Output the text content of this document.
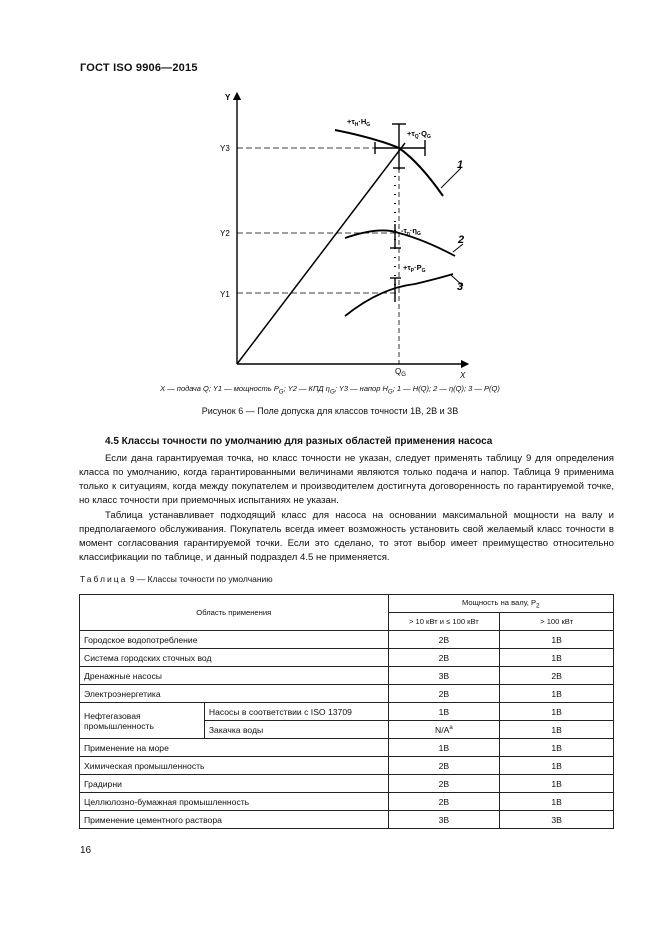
ГОСТ ISO 9906—2015
Y
X
Y3
Y2
Y1
$Q_G$
1
2
3
$+\tau_H\cdot H_G$
$+\tau_Q\cdot Q_G$
$-\tau_\eta\cdot\eta_G$
$+\tau_P\cdot P_G$
X — подача Q; Y1 — мощность $P_G$; Y2 — КПД $\eta_G$; Y3 — напор $H_G$; 1 — H(Q); 2 — η(Q); 3 — P(Q)
Рисунок 6 — Поле допуска для классов точности 1В, 2В и 3В
4.5 Классы точности по умолчанию для разных областей применения насоса

Если дана гарантируемая точка, но класс точности не указан, следует применять таблицу 9 для определения класса по умолчанию, когда гарантированными величинами являются только подача и напор. Таблица 9 применима только к ситуациям, когда между покупателем и производителем достигнута договоренность по гарантируемой точке, но класс точности при приемочных испытаниях не указан.

Таблица устанавливает подходящий класс для насоса на основании максимальной мощности на валу и предполагаемого обслуживания. Покупатель всегда имеет возможность установить свой желаемый класс точности в момент согласования гарантируемой точки. Если это сделано, то этот выбор имеет преимущество относительно классификации по таблице, и данный подраздел 4.5 не применяется.

Таблица 9 — Классы точности по умолчанию
Область применения		Мощность на валу, $P_2$
		> 10 кВт и ≤ 100 кВт	> 100 кВт
Городское водопотребление		2В	1В
Система городских сточных вод		2В	1В
Дренажные насосы		3В	2В
Электроэнергетика		2В	1В
Нефтегазовая промышленность	Насосы в соответствии с ISO 13709	1В	1В
	Закачка воды	$N/A^a$	1В
Применение на море		1В	1В
Химическая промышленность		2В	1В
Градирни		2В	1В
Целлюлозно-бумажная промышленность		2В	1В
Применение цементного раствора		3В	3В
16
